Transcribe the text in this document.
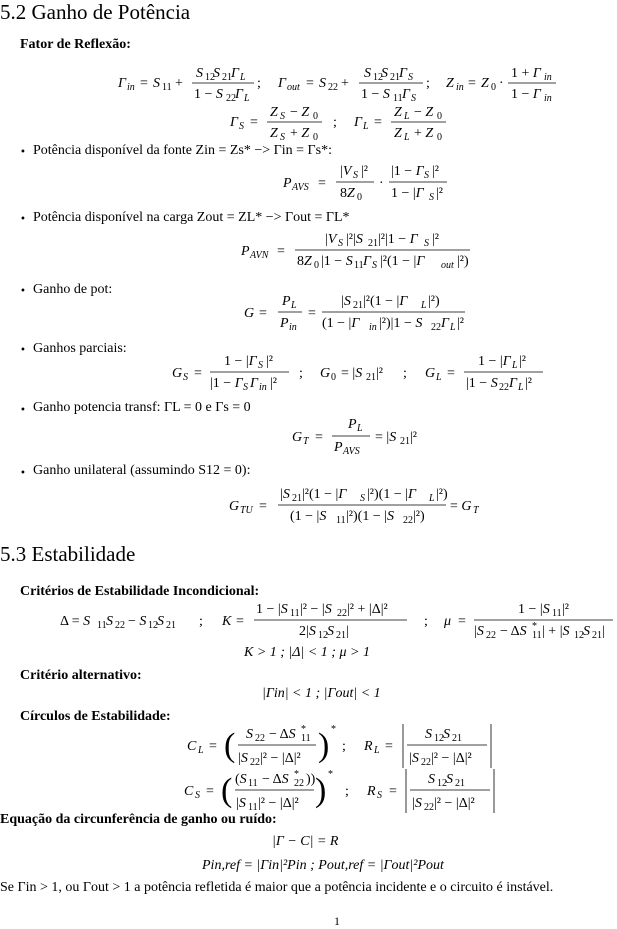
5.2 Ganho de Potência
Fator de Reflexão:
Γ in = S 11 +
S 12
S 21 Γ L
1 − S 22 Γ L
; Γ out = S 22 +
S 12
S 21 Γ S
1 − S 11 Γ S
; Z in = Z 0 ·
1 + Γ in
1 − Γ in
Γ S =
Z S − Z 0
Z S + Z 0
; Γ L =
Z L − Z 0
Z L + Z 0
• Potência disponível da fonte Zin = Zs* −> Γin = Γs*:
P AVS =
|V S |²
8Z 0
·
|1 − Γ S |²
1 − |Γ S |²
• Potência disponível na carga Zout = ZL* −> Γout = ΓL*
P AVN =
|V S |²|S 21 |²|1 − Γ S |²
8Z 0 |1 − S 11 Γ S |²(1 − |Γ out |²)
• Ganho de pot:
G =
P L
P in
=
|S 21 |²(1 − |Γ L |²)
(1 − |Γ in |²)|1 − S 22 Γ L |²
• Ganhos parciais:
G S =
1 − |Γ S |²
|1 − Γ S Γ in |²
; G 0 = |S 21 |² ; G L =
1 − |Γ L |²
|1 − S 22 Γ L |²
• Ganho potencia transf: ΓL = 0 e Γs = 0
G T =
P L
P AVS
= |S 21 |²
• Ganho unilateral (assumindo S12 = 0):
G TU =
|S 21 |²(1 − |Γ S |²)(1 − |Γ L |²)
(1 − |S 11 |²)(1 − |S 22 |²)
= G T
5.3 Estabilidade
Critérios de Estabilidade Incondicional:
Δ = S 11 S 22 − S 12 S 21 ; K =
1 − |S 11 |² − |S 22 |² + |Δ|²
2|S 12 S 21 |
; μ =
1 − |S 11 |²
|S 22 − ΔS 11
* | + |S 12 S 21 |
K > 1 ; |Δ| < 1 ; μ > 1
Critério alternativo:
|Γin| < 1 ; |Γout| < 1
Círculos de Estabilidade:
C L = ( S 22 − ΔS 11
*
|S 22 |² − |Δ|² ) *
; R L =
S 12 S 21
|S 22 |² − |Δ|²
C S = ( (S 11 − ΔS 22
* ))
|S 11 |² − |Δ|² ) *
; R S =
S 12 S 21
|S 22 |² − |Δ|²
Equação da circunferência de ganho ou ruído:
|Γ − C| = R
Pin,ref = |Γin|²Pin ; Pout,ref = |Γout|²Pout
Se Γin > 1, ou Γout > 1 a potência refletida é maior que a potência incidente e o circuito é instável.
1
